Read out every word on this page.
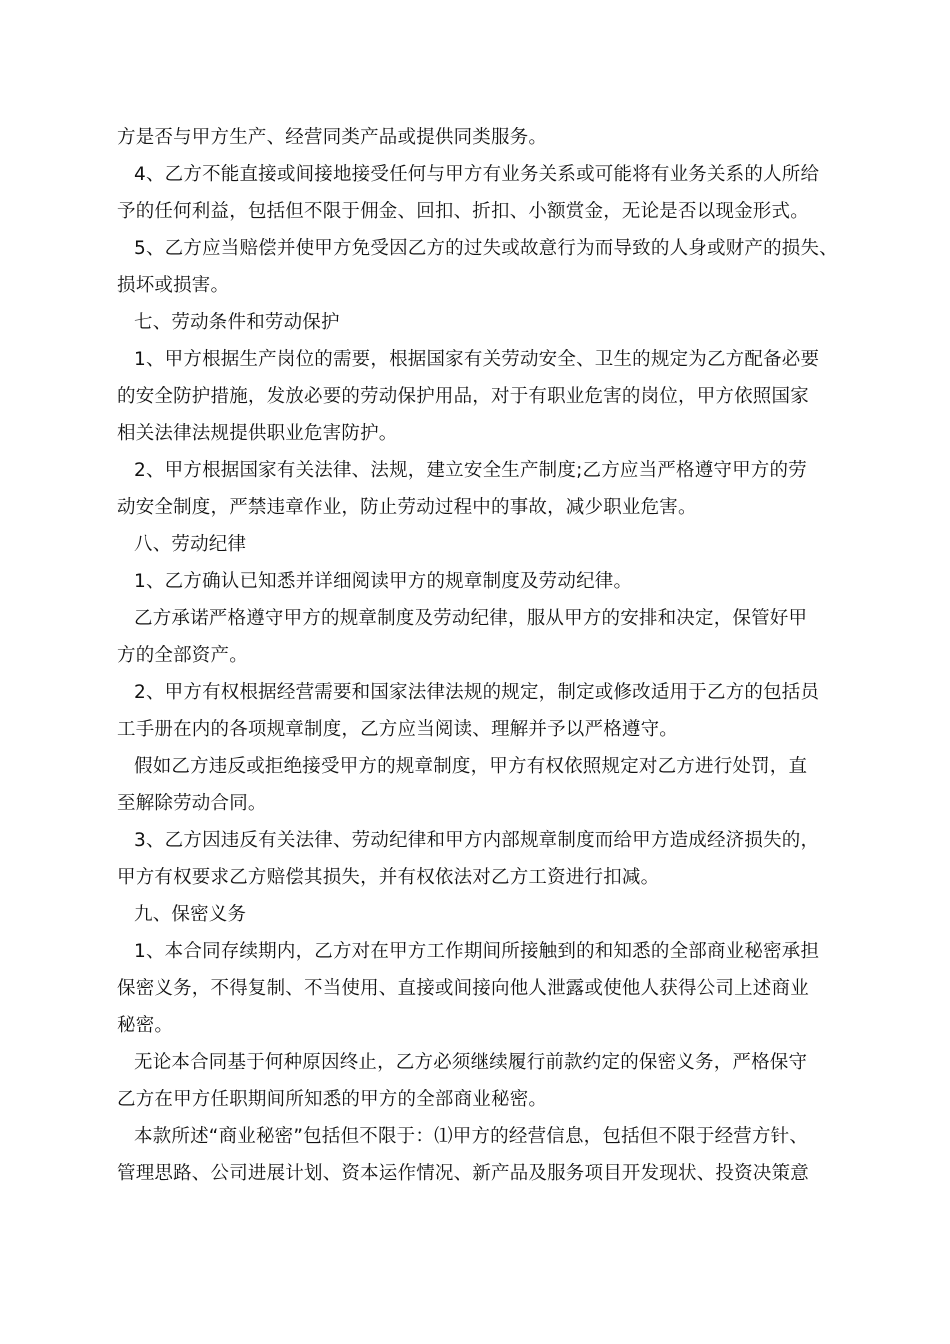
方是否与甲方生产、经营同类产品或提供同类服务。
4、乙方不能直接或间接地接受任何与甲方有业务关系或可能将有业务关系的人所给
予的任何利益，包括但不限于佣金、回扣、折扣、小额赏金，无论是否以现金形式。
5、乙方应当赔偿并使甲方免受因乙方的过失或故意行为而导致的人身或财产的损失、
损坏或损害。
七、劳动条件和劳动保护
1、甲方根据生产岗位的需要，根据国家有关劳动安全、卫生的规定为乙方配备必要
的安全防护措施，发放必要的劳动保护用品，对于有职业危害的岗位，甲方依照国家
相关法律法规提供职业危害防护。
2、甲方根据国家有关法律、法规，建立安全生产制度;乙方应当严格遵守甲方的劳
动安全制度，严禁违章作业，防止劳动过程中的事故，减少职业危害。
八、劳动纪律
1、乙方确认已知悉并详细阅读甲方的规章制度及劳动纪律。
乙方承诺严格遵守甲方的规章制度及劳动纪律，服从甲方的安排和决定，保管好甲
方的全部资产。
2、甲方有权根据经营需要和国家法律法规的规定，制定或修改适用于乙方的包括员
工手册在内的各项规章制度，乙方应当阅读、理解并予以严格遵守。
假如乙方违反或拒绝接受甲方的规章制度，甲方有权依照规定对乙方进行处罚，直
至解除劳动合同。
3、乙方因违反有关法律、劳动纪律和甲方内部规章制度而给甲方造成经济损失的，
甲方有权要求乙方赔偿其损失，并有权依法对乙方工资进行扣减。
九、保密义务
1、本合同存续期内，乙方对在甲方工作期间所接触到的和知悉的全部商业秘密承担
保密义务，不得复制、不当使用、直接或间接向他人泄露或使他人获得公司上述商业
秘密。
无论本合同基于何种原因终止，乙方必须继续履行前款约定的保密义务，严格保守
乙方在甲方任职期间所知悉的甲方的全部商业秘密。
本款所述“商业秘密”包括但不限于：⑴甲方的经营信息，包括但不限于经营方针、
管理思路、公司进展计划、资本运作情况、新产品及服务项目开发现状、投资决策意
